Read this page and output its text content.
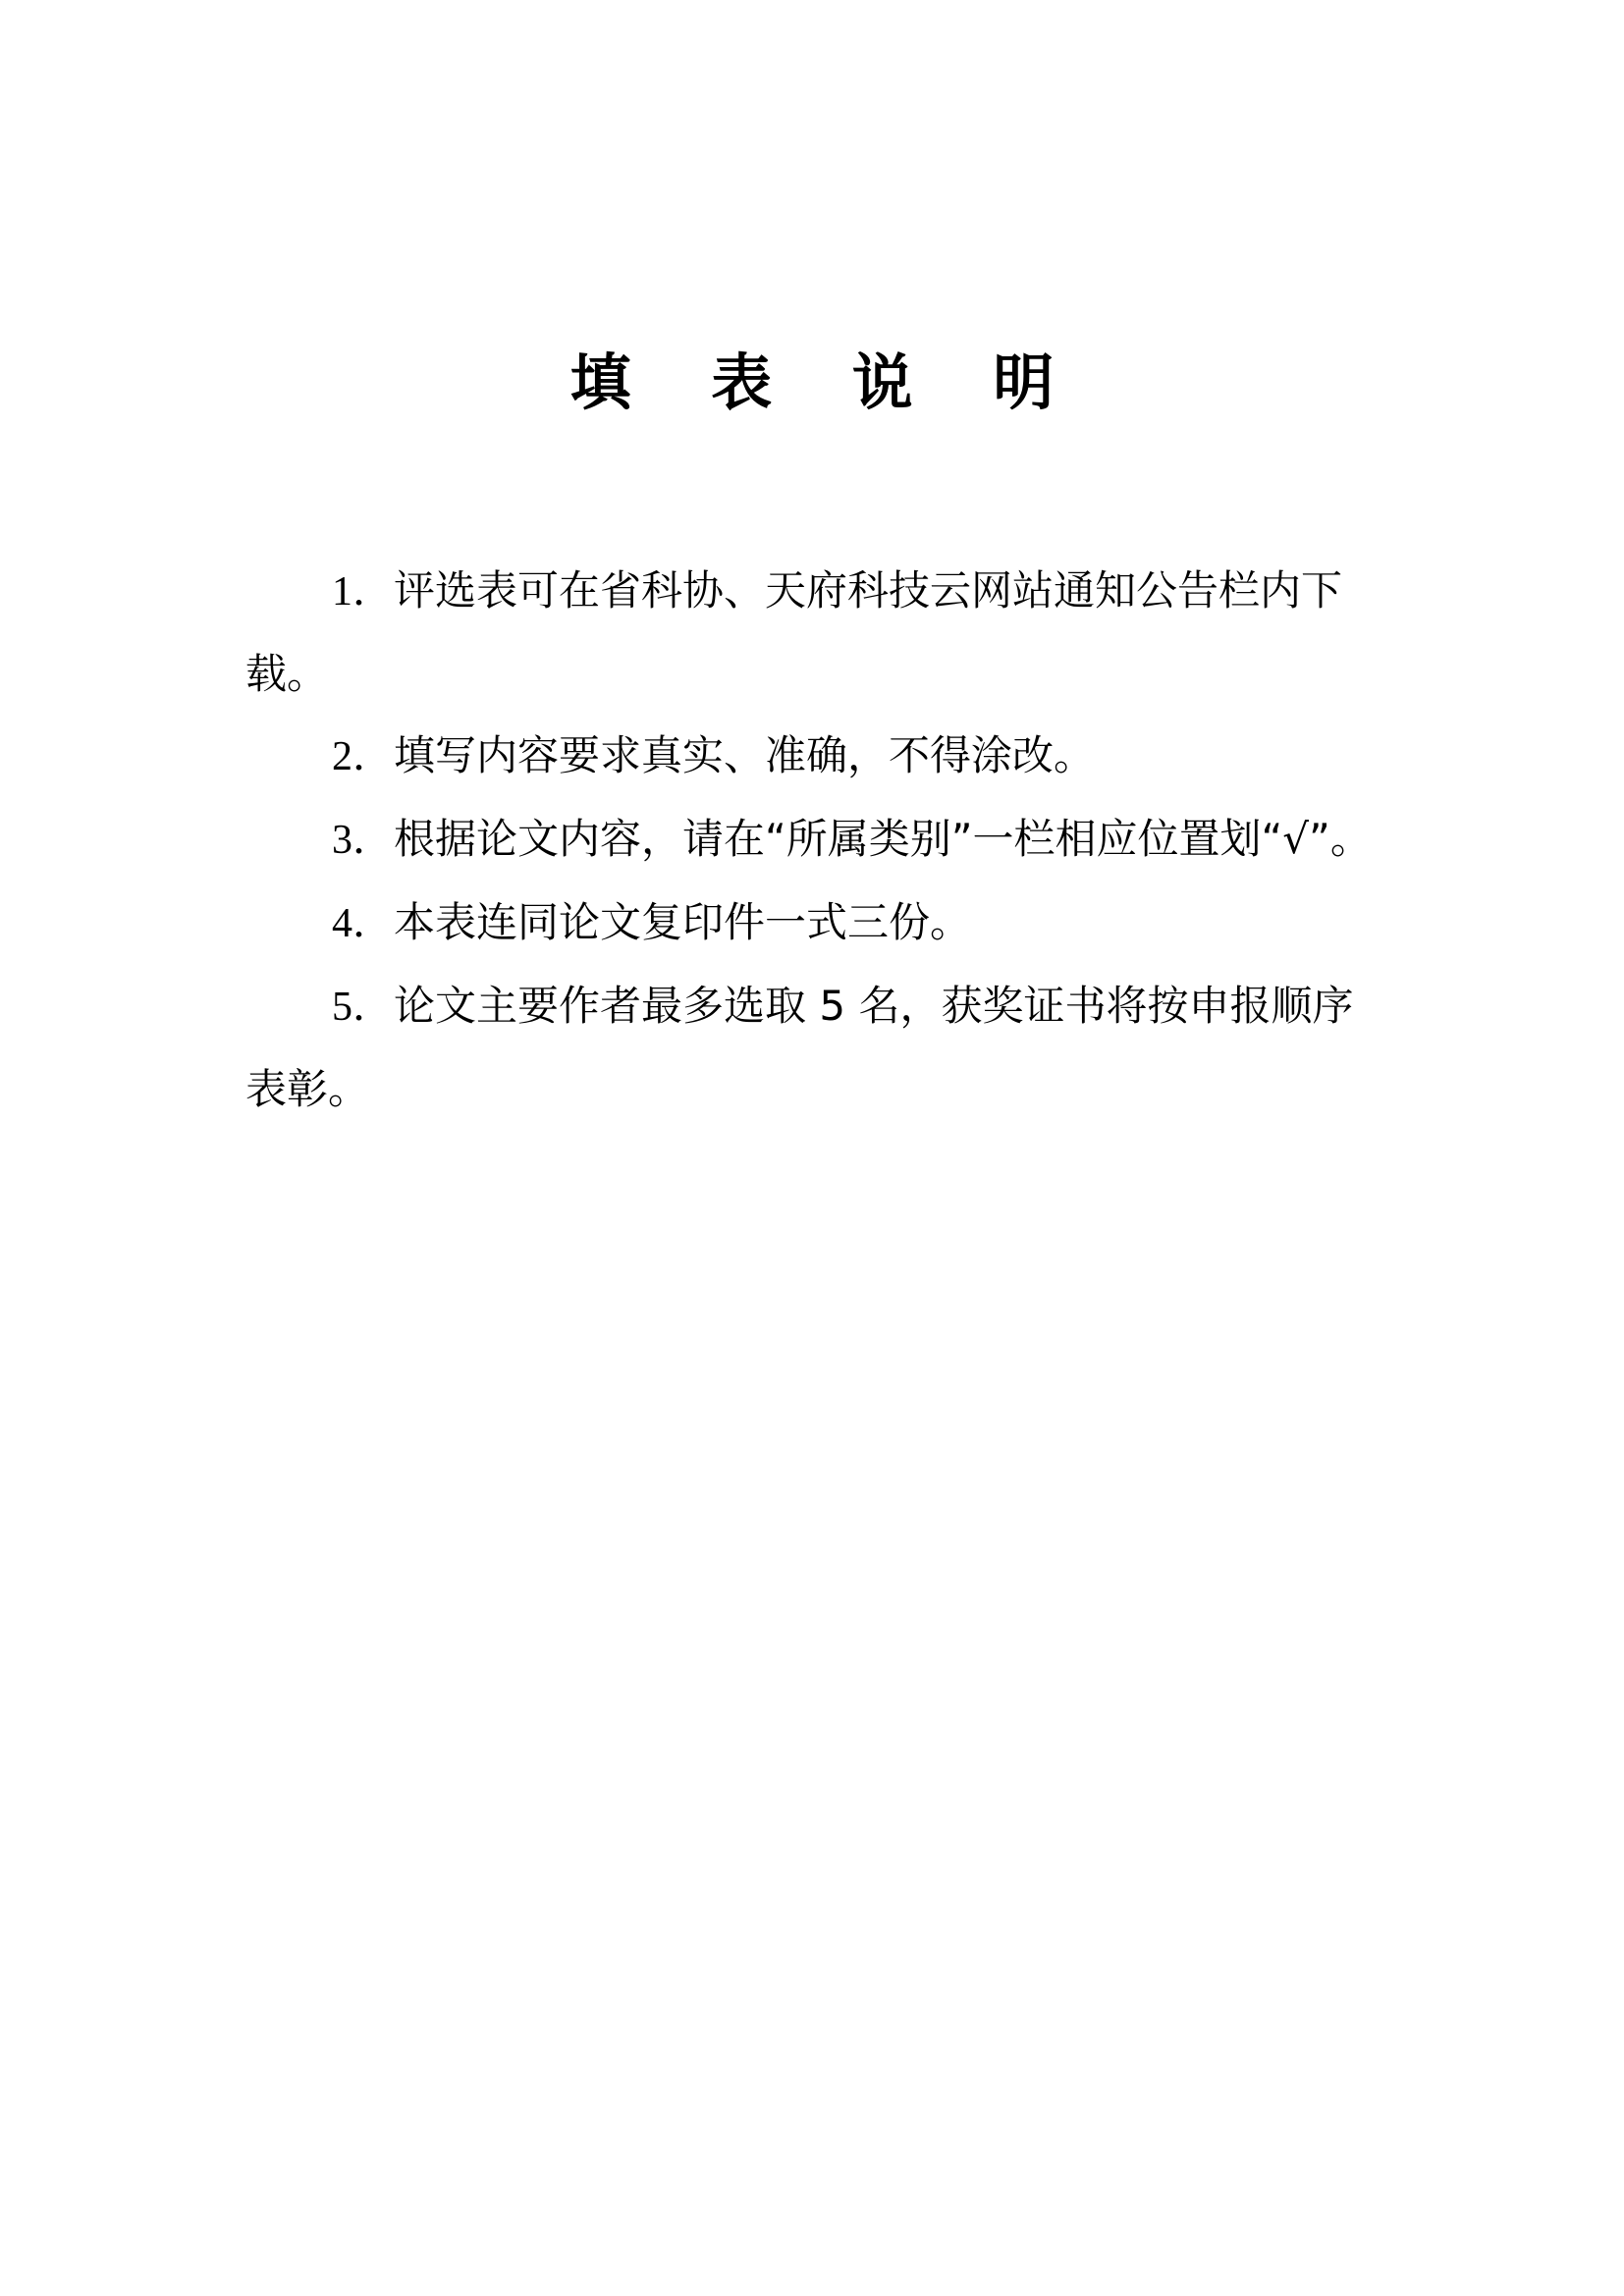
填 表 说 明

1．评选表可在省科协、天府科技云网站通知公告栏内下载。

2．填写内容要求真实、准确，不得涂改。

3．根据论文内容，请在“所属类别”一栏相应位置划“√”。

4．本表连同论文复印件一式三份。

5．论文主要作者最多选取 5 名，获奖证书将按申报顺序表彰。
